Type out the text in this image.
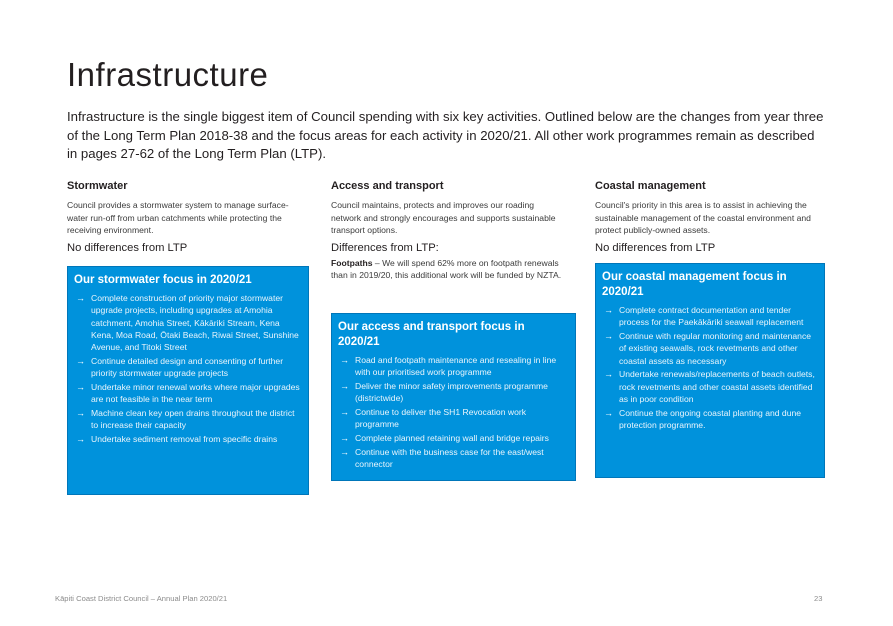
Infrastructure

Infrastructure is the single biggest item of Council spending with six key activities. Outlined below are the changes from year three of the Long Term Plan 2018-38 and the focus areas for each activity in 2020/21. All other work programmes remain as described in pages 27-62 of the Long Term Plan (LTP).

Stormwater
Council provides a stormwater system to manage surface-water run-off from urban catchments while protecting the receiving environment.
No differences from LTP
Our stormwater focus in 2020/21
→ Complete construction of priority major stormwater upgrade projects, including upgrades at Amohia catchment, Amohia Street, Kākāriki Stream, Kena Kena, Moa Road, Ōtaki Beach, Riwai Street, Sunshine Avenue, and Titoki Street
→ Continue detailed design and consenting of further priority stormwater upgrade projects
→ Undertake minor renewal works where major upgrades are not feasible in the near term
→ Machine clean key open drains throughout the district to increase their capacity
→ Undertake sediment removal from specific drains
Access and transport
Council maintains, protects and improves our roading network and strongly encourages and supports sustainable transport options.
Differences from LTP:
Footpaths – We will spend 62% more on footpath renewals than in 2019/20, this additional work will be funded by NZTA.
Our access and transport focus in 2020/21
→ Road and footpath maintenance and resealing in line with our prioritised work programme
→ Deliver the minor safety improvements programme (districtwide)
→ Continue to deliver the SH1 Revocation work programme
→ Complete planned retaining wall and bridge repairs
→ Continue with the business case for the east/west connector
Coastal management
Council's priority in this area is to assist in achieving the sustainable management of the coastal environment and protect publicly-owned assets.
No differences from LTP
Our coastal management focus in 2020/21
→ Complete contract documentation and tender process for the Paekākāriki seawall replacement
→ Continue with regular monitoring and maintenance of existing seawalls, rock revetments and other coastal assets as necessary
→ Undertake renewals/replacements of beach outlets, rock revetments and other coastal assets identified as in poor condition
→ Continue the ongoing coastal planting and dune protection programme.
Kāpiti Coast District Council – Annual Plan 2020/21	23
